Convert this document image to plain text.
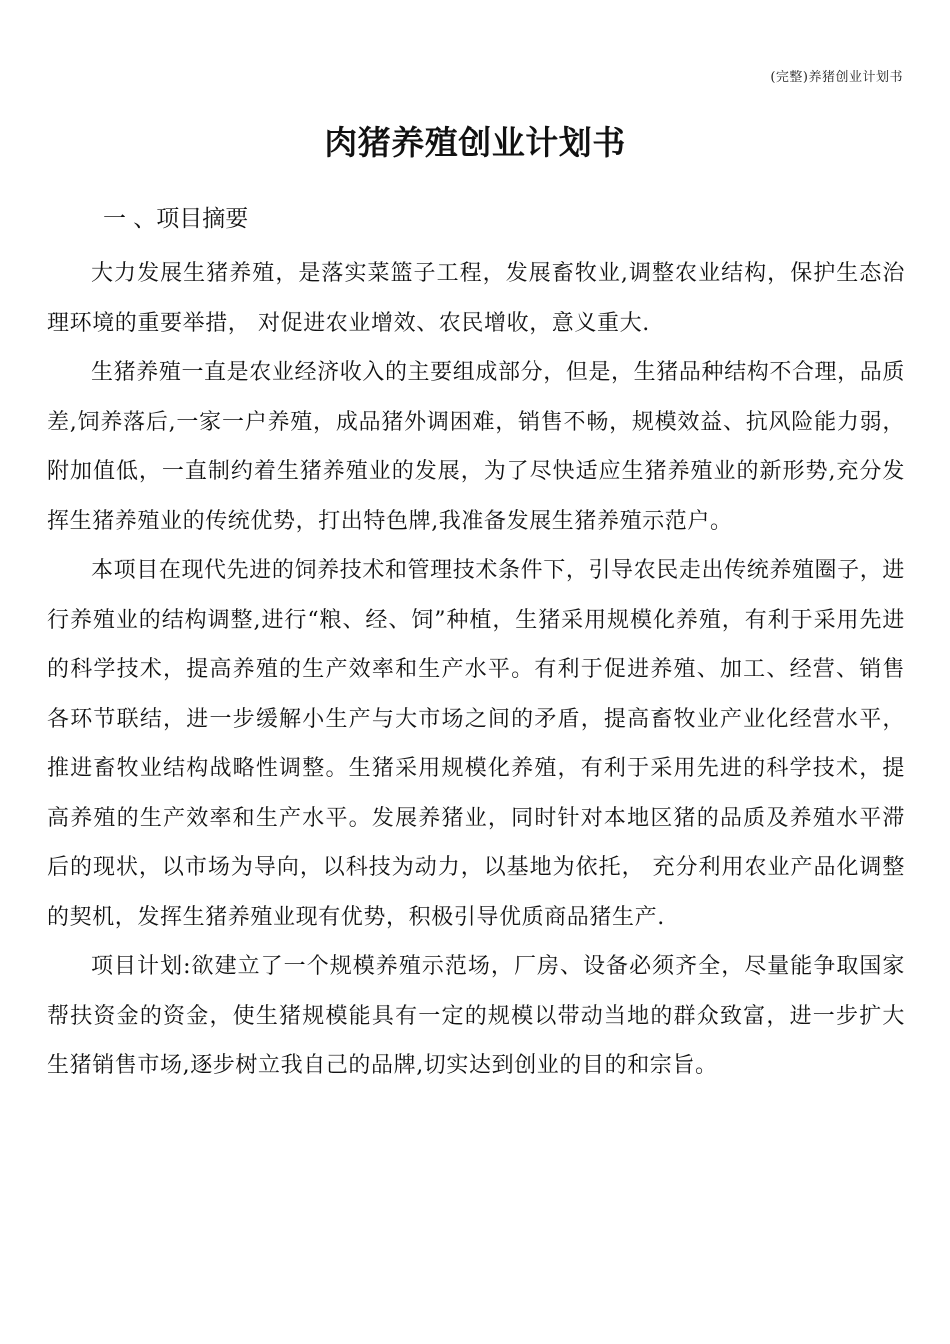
(完整)养猪创业计划书
肉猪养殖创业计划书
一 、项目摘要

大力发展生猪养殖，是落实菜篮子工程，发展畜牧业,调整农业结构，保护生态治理环境的重要举措， 对促进农业增效、农民增收，意义重大.

生猪养殖一直是农业经济收入的主要组成部分，但是，生猪品种结构不合理，品质差,饲养落后,一家一户养殖，成品猪外调困难，销售不畅，规模效益、抗风险能力弱，附加值低，一直制约着生猪养殖业的发展，为了尽快适应生猪养殖业的新形势,充分发挥生猪养殖业的传统优势，打出特色牌,我准备发展生猪养殖示范户。

本项目在现代先进的饲养技术和管理技术条件下，引导农民走出传统养殖圈子，进行养殖业的结构调整,进行“粮、经、饲”种植，生猪采用规模化养殖，有利于采用先进的科学技术，提高养殖的生产效率和生产水平。有利于促进养殖、加工、经营、销售各环节联结，进一步缓解小生产与大市场之间的矛盾，提高畜牧业产业化经营水平，推进畜牧业结构战略性调整。生猪采用规模化养殖，有利于采用先进的科学技术，提高养殖的生产效率和生产水平。发展养猪业，同时针对本地区猪的品质及养殖水平滞后的现状，以市场为导向，以科技为动力，以基地为依托， 充分利用农业产品化调整的契机，发挥生猪养殖业现有优势，积极引导优质商品猪生产.

项目计划:欲建立了一个规模养殖示范场，厂房、设备必须齐全，尽量能争取国家帮扶资金的资金，使生猪规模能具有一定的规模以带动当地的群众致富，进一步扩大生猪销售市场,逐步树立我自己的品牌,切实达到创业的目的和宗旨。
